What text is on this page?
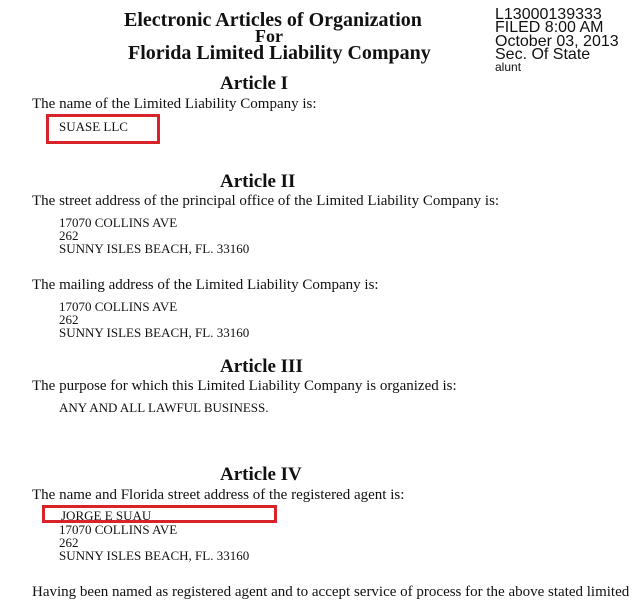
Electronic Articles of Organization
For
Florida Limited Liability Company
L13000139333
FILED 8:00 AM
October 03, 2013
Sec. Of State
alunt
Article I
The name of the Limited Liability Company is:
SUASE LLC
Article II
The street address of the principal office of the Limited Liability Company is:
17070 COLLINS AVE
262
SUNNY ISLES BEACH, FL. 33160
The mailing address of the Limited Liability Company is:
17070 COLLINS AVE
262
SUNNY ISLES BEACH, FL. 33160
Article III
The purpose for which this Limited Liability Company is organized is:
ANY AND ALL LAWFUL BUSINESS.
Article IV
The name and Florida street address of the registered agent is:
JORGE E SUAU
17070 COLLINS AVE
262
SUNNY ISLES BEACH, FL. 33160
Having been named as registered agent and to accept service of process for the above stated limited
